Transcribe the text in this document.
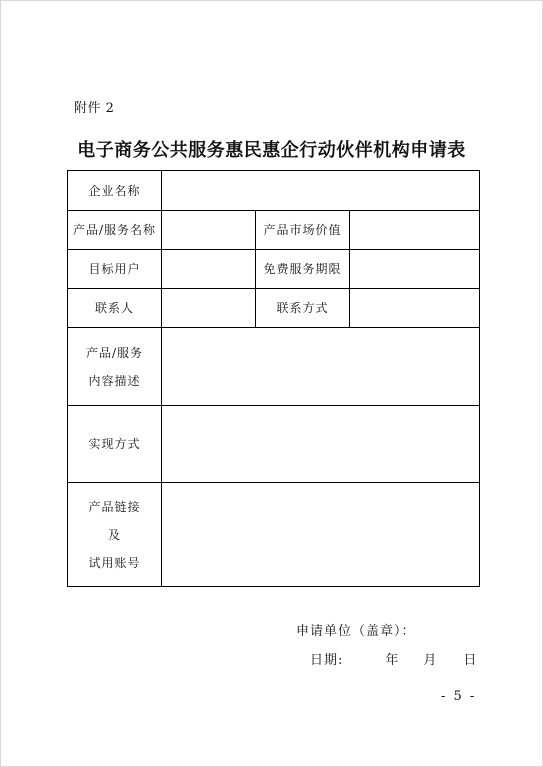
附件 2
电子商务公共服务惠民惠企行动伙伴机构申请表
企业名称			
产品/服务名称		产品市场价值	
目标用户		免费服务期限	
联系人		联系方式	

产品/服务
内容描述			

实现方式			

产品链接
及
试用账号			

申请单位（盖章）：
日期:	年 月 日
- 5 -
